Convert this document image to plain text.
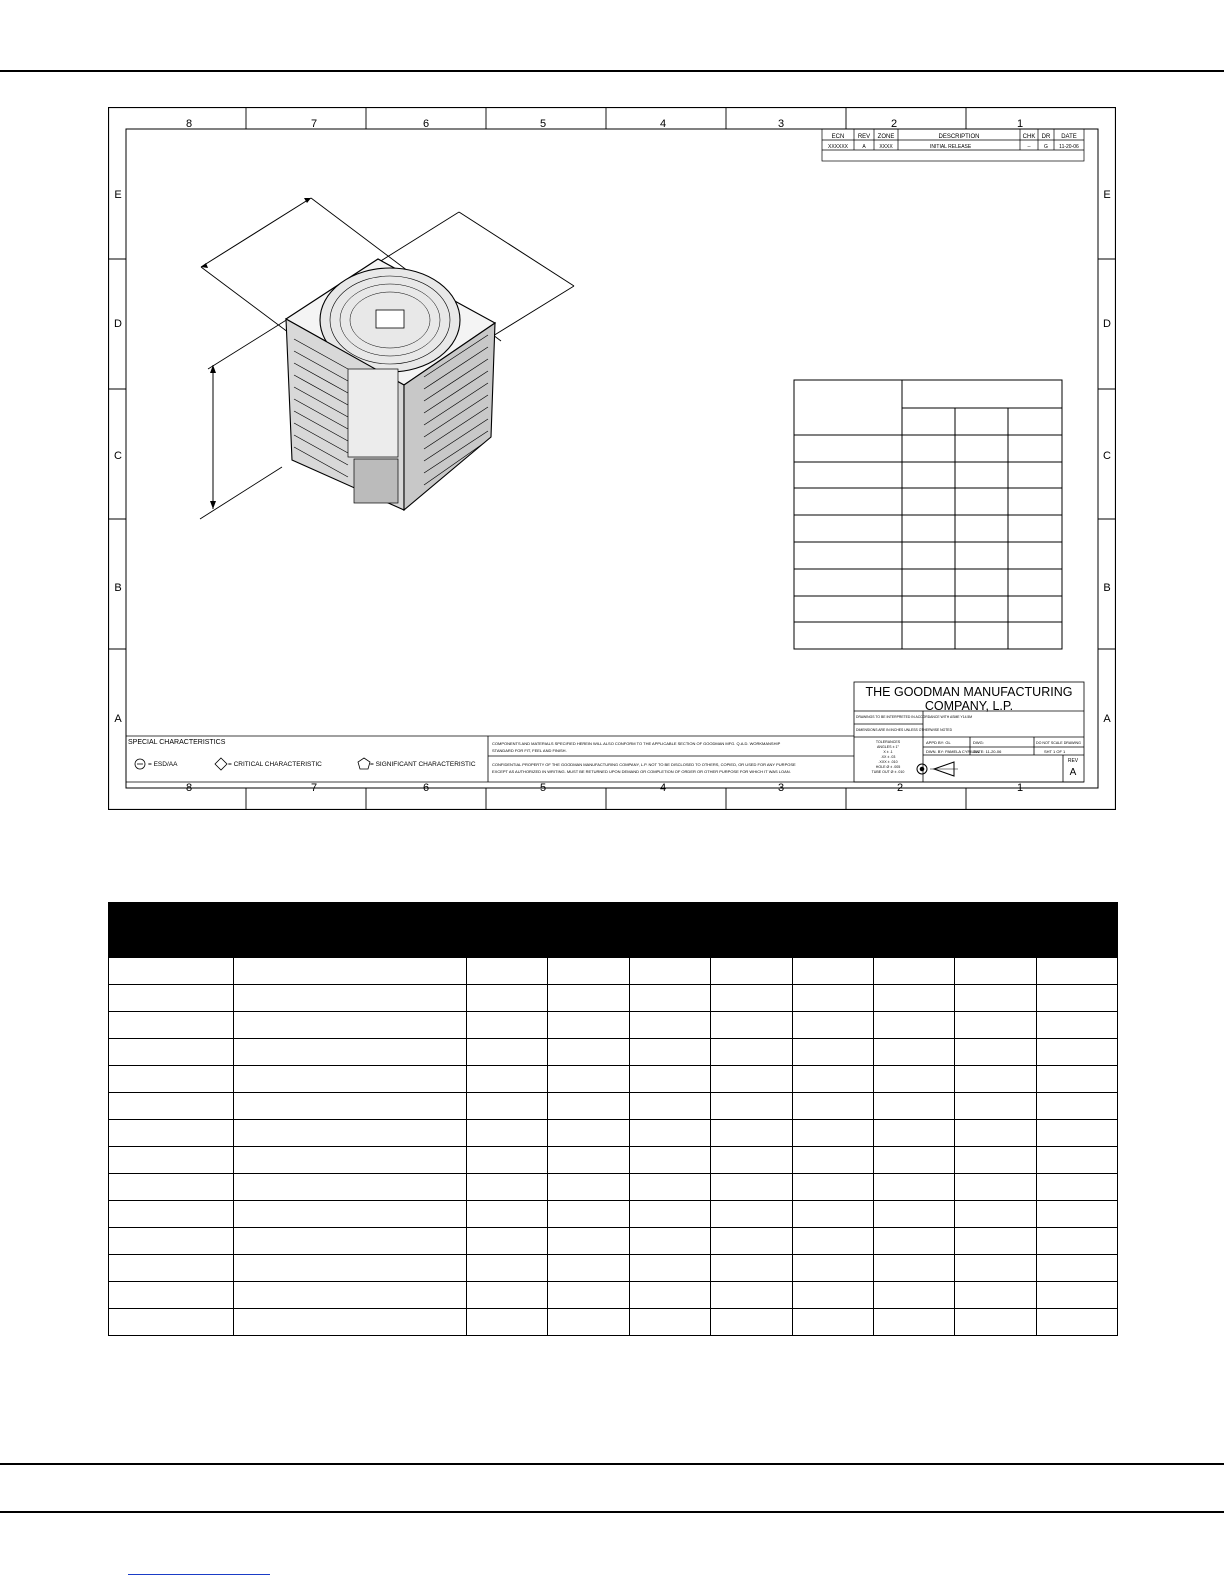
8	7	6	5	4	3	2	1
8	7	6	5	4	3	2	1
E
D
C
B
A
E
D
C
B
A
ECN REV ZONE	DESCRIPTION	CHK DR DATE
XXXXXX	A	XXXX	INITIAL RELEASE	--	G 11-20-06
THE GOODMAN MANUFACTURING
COMPANY, L.P.
DRAWINGS TO BE INTERPRETED IN ACCORDANCE WITH ASME Y14.5M
DIMENSIONS ARE IN INCHES UNLESS OTHERWISE NOTED
TOLERANCES
ANGLES ± 1°
X ± .1
.XX ± .03
.XXX ± .010
HOLE Ø ± .005
TUBE OUT Ø ± .010
APPD BY: GL
DWN. BY: PAMELA CYRILEN
DWG:
DATE: 11-20-06
DO NOT SCALE DRAWING
SHT 1 OF 1
REV
A
SPECIAL CHARACTERISTICS
= ESD/AA	= CRITICAL CHARACTERISTIC	= SIGNIFICANT CHARACTERISTIC
COMPONENTS AND MATERIALS SPECIFIED HEREIN WILL ALSO CONFORM TO THE APPLICABLE SECTION OF GOODMAN MFG. Q.A.D. WORKMANSHIP
STANDARD FOR FIT, FEEL AND FINISH.
CONFIDENTIAL PROPERTY OF THE GOODMAN MANUFACTURING COMPANY, L.P. NOT TO BE DISCLOSED TO OTHERS, COPIED, OR USED FOR ANY PURPOSE
EXCEPT AS AUTHORIZED IN WRITING. MUST BE RETURNED UPON DEMAND OR COMPLETION OF ORDER OR OTHER PURPOSE FOR WHICH IT WAS LOAN.
